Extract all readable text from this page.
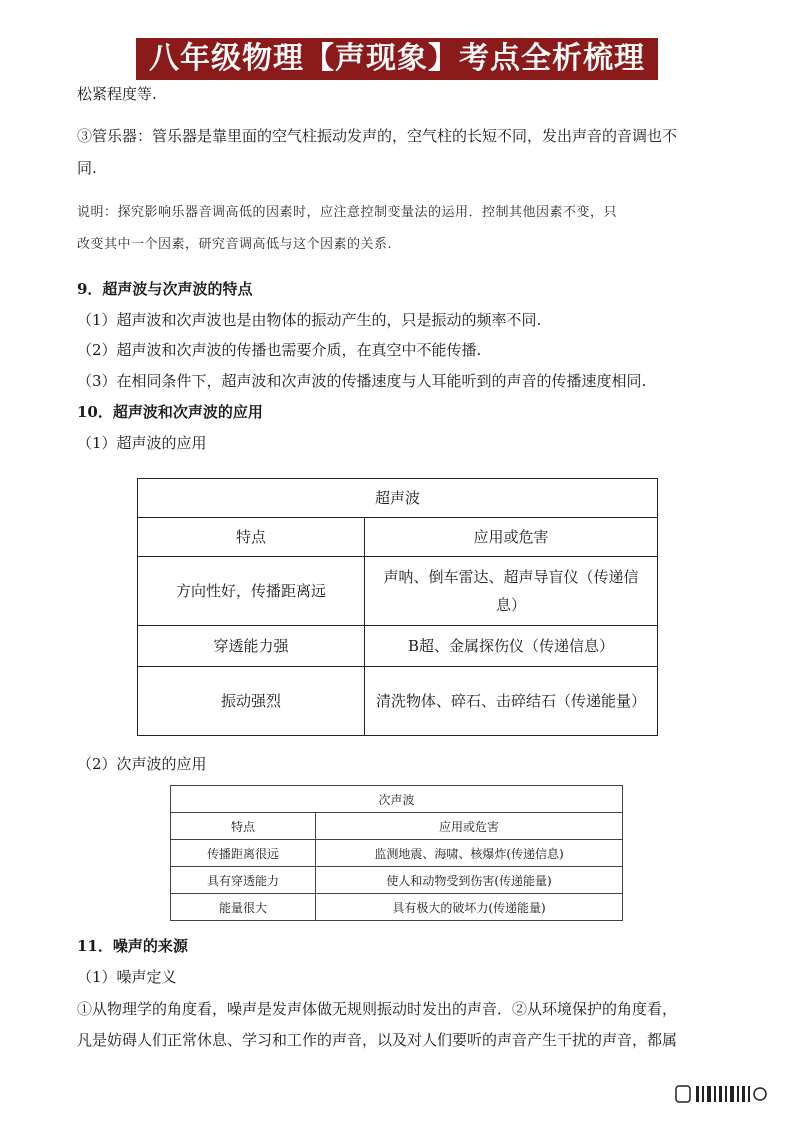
八年级物理【声现象】考点全析梳理
松紧程度等.
③管乐器：管乐器是靠里面的空气柱振动发声的，空气柱的长短不同，发出声音的音调也不
同.
说明：探究影响乐器音调高低的因素时，应注意控制变量法的运用．控制其他因素不变，只
改变其中一个因素，研究音调高低与这个因素的关系.
9．超声波与次声波的特点
（1）超声波和次声波也是由物体的振动产生的，只是振动的频率不同.
（2）超声波和次声波的传播也需要介质，在真空中不能传播.
（3）在相同条件下，超声波和次声波的传播速度与人耳能听到的声音的传播速度相同.
10．超声波和次声波的应用
（1）超声波的应用
超声波	
特点	应用或危害
方向性好，传播距离远	声呐、倒车雷达、超声导盲仪（传递信息）
穿透能力强	B超、金属探伤仪（传递信息）
振动强烈	清洗物体、碎石、击碎结石（传递能量）
（2）次声波的应用
次声波	
特点	应用或危害
传播距离很远	监测地震、海啸、核爆炸(传递信息)
具有穿透能力	使人和动物受到伤害(传递能量)
能量很大	具有极大的破坏力(传递能量)
11．噪声的来源
（1）噪声定义
①从物理学的角度看，噪声是发声体做无规则振动时发出的声音．②从环境保护的角度看，
凡是妨碍人们正常休息、学习和工作的声音，以及对人们要听的声音产生干扰的声音，都属
